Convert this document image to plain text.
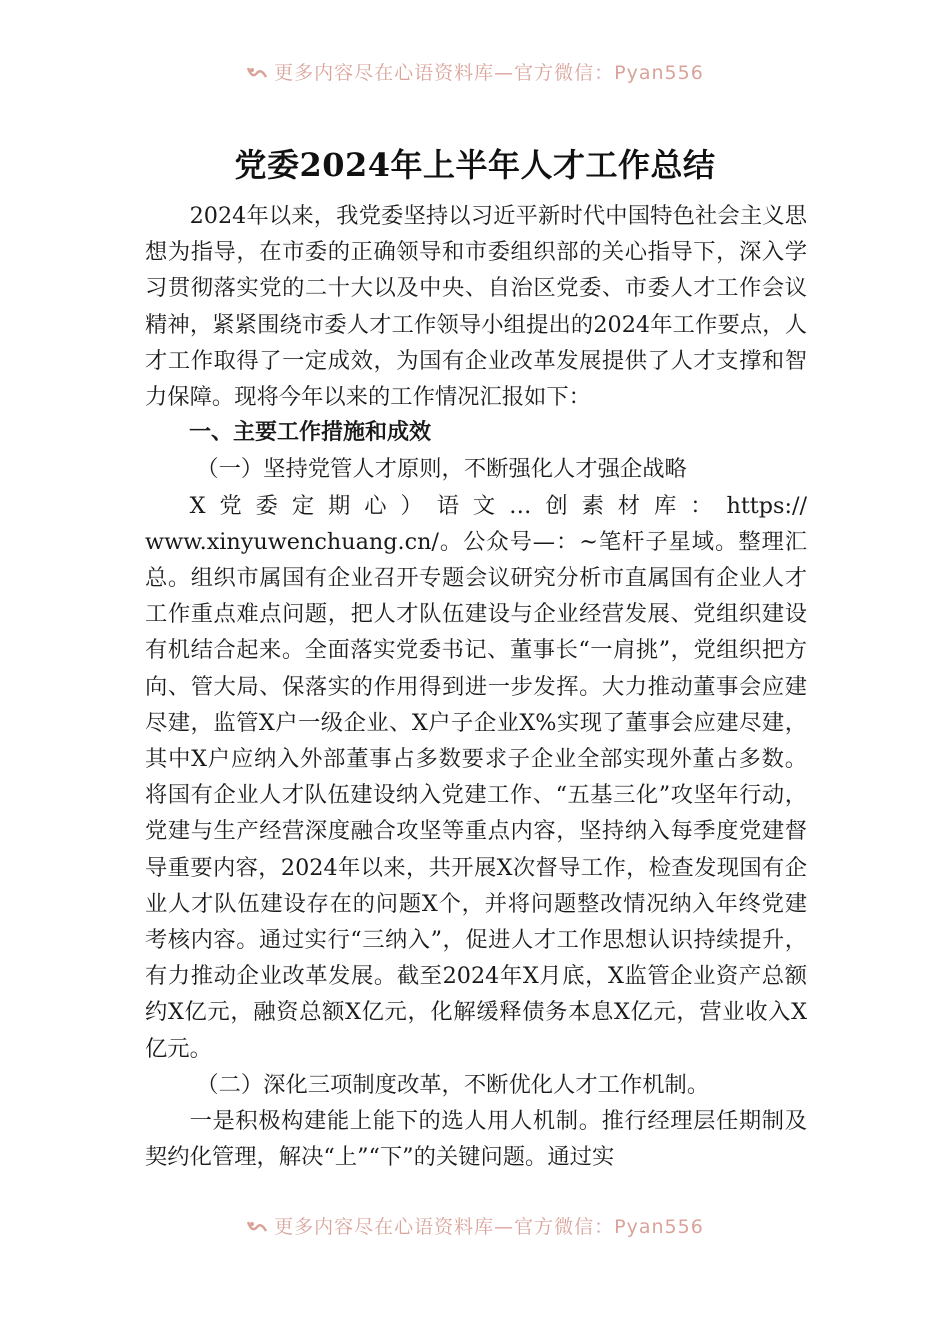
更多内容尽在心语资料库—官方微信：Pyan556
党委2024年上半年人才工作总结

2024年以来，我党委坚持以习近平新时代中国特色社会主义思想为指导，在市委的正确领导和市委组织部的关心指导下，深入学习贯彻落实党的二十大以及中央、自治区党委、市委人才工作会议精神，紧紧围绕市委人才工作领导小组提出的2024年工作要点，人才工作取得了一定成效，为国有企业改革发展提供了人才支撑和智力保障。现将今年以来的工作情况汇报如下：

一、主要工作措施和成效

（一）坚持党管人才原则，不断强化人才强企战略

X党委定期心）语文…创素材库：https://

www.xinyuwenchuang.cn/。公众号—：~笔杆子星域。整理汇总。组织市属国有企业召开专题会议研究分析市直属国有企业人才工作重点难点问题，把人才队伍建设与企业经营发展、党组织建设有机结合起来。全面落实党委书记、董事长“一肩挑”，党组织把方向、管大局、保落实的作用得到进一步发挥。大力推动董事会应建尽建，监管X户一级企业、X户子企业X%实现了董事会应建尽建，其中X户应纳入外部董事占多数要求子企业全部实现外董占多数。将国有企业人才队伍建设纳入党建工作、“五基三化”攻坚年行动，党建与生产经营深度融合攻坚等重点内容，坚持纳入每季度党建督导重要内容，2024年以来，共开展X次督导工作，检查发现国有企业人才队伍建设存在的问题X个，并将问题整改情况纳入年终党建考核内容。通过实行“三纳入”，促进人才工作思想认识持续提升，有力推动企业改革发展。截至2024年X月底，X监管企业资产总额约X亿元，融资总额X亿元，化解缓释债务本息X亿元，营业收入X亿元。

（二）深化三项制度改革，不断优化人才工作机制。

一是积极构建能上能下的选人用人机制。推行经理层任期制及契约化管理，解决“上”“下”的关键问题。通过实

更多内容尽在心语资料库—官方微信：Pyan556
